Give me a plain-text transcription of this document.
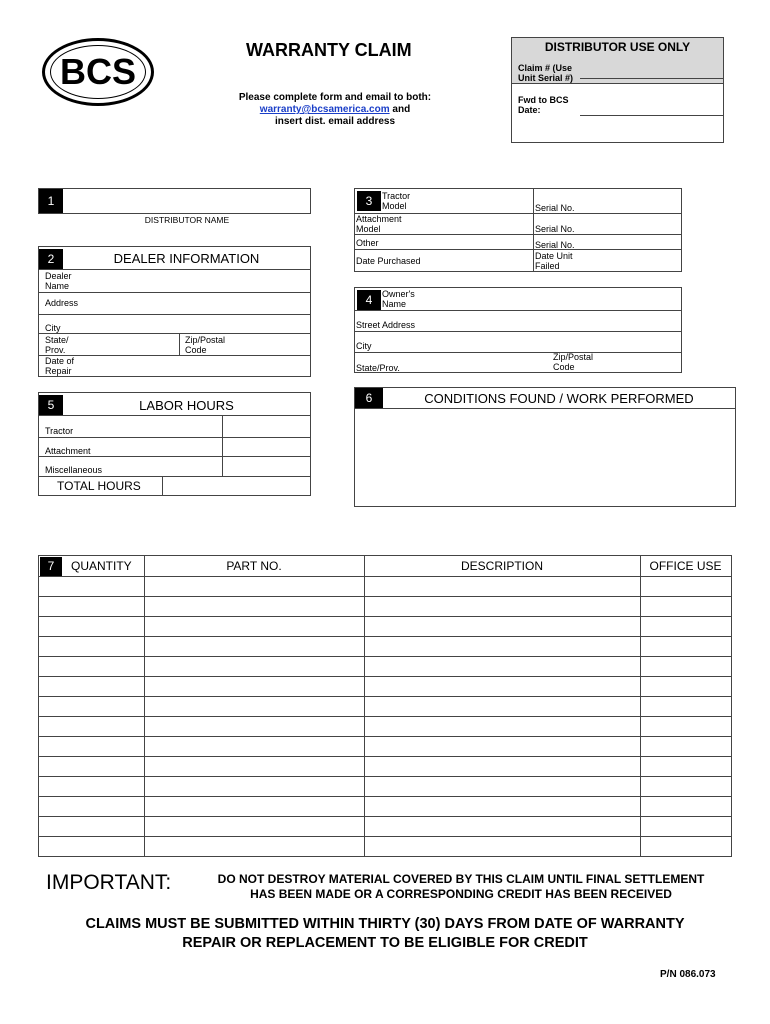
BCS
WARRANTY CLAIM
Please complete form and email to both:
warranty@bcsamerica.com and
insert dist. email address
DISTRIBUTOR USE ONLY
Claim # (Use
Unit Serial #)
Fwd to BCS
Date:
1
DISTRIBUTOR NAME
2	DEALER INFORMATION
Dealer
Name
Address
City
State/
Prov.
Zip/Postal
Code
Date of
Repair
3	Tractor
Model	Serial No.
Attachment
Model	Serial No.
Other	Serial No.
Date Purchased	Date Unit
Failed
4	Owner's
Name
Street Address
City
State/Prov.
Zip/Postal
Code
5	LABOR HOURS
Tractor
Attachment
Miscellaneous
TOTAL HOURS
6	CONDITIONS FOUND / WORK PERFORMED
7	QUANTITY	PART NO.	DESCRIPTION	OFFICE USE
IMPORTANT:	DO NOT DESTROY MATERIAL COVERED BY THIS CLAIM UNTIL FINAL SETTLEMENT
HAS BEEN MADE OR A CORRESPONDING CREDIT HAS BEEN RECEIVED
CLAIMS MUST BE SUBMITTED WITHIN THIRTY (30) DAYS FROM DATE OF WARRANTY
REPAIR OR REPLACEMENT TO BE ELIGIBLE FOR CREDIT
P/N 086.073
